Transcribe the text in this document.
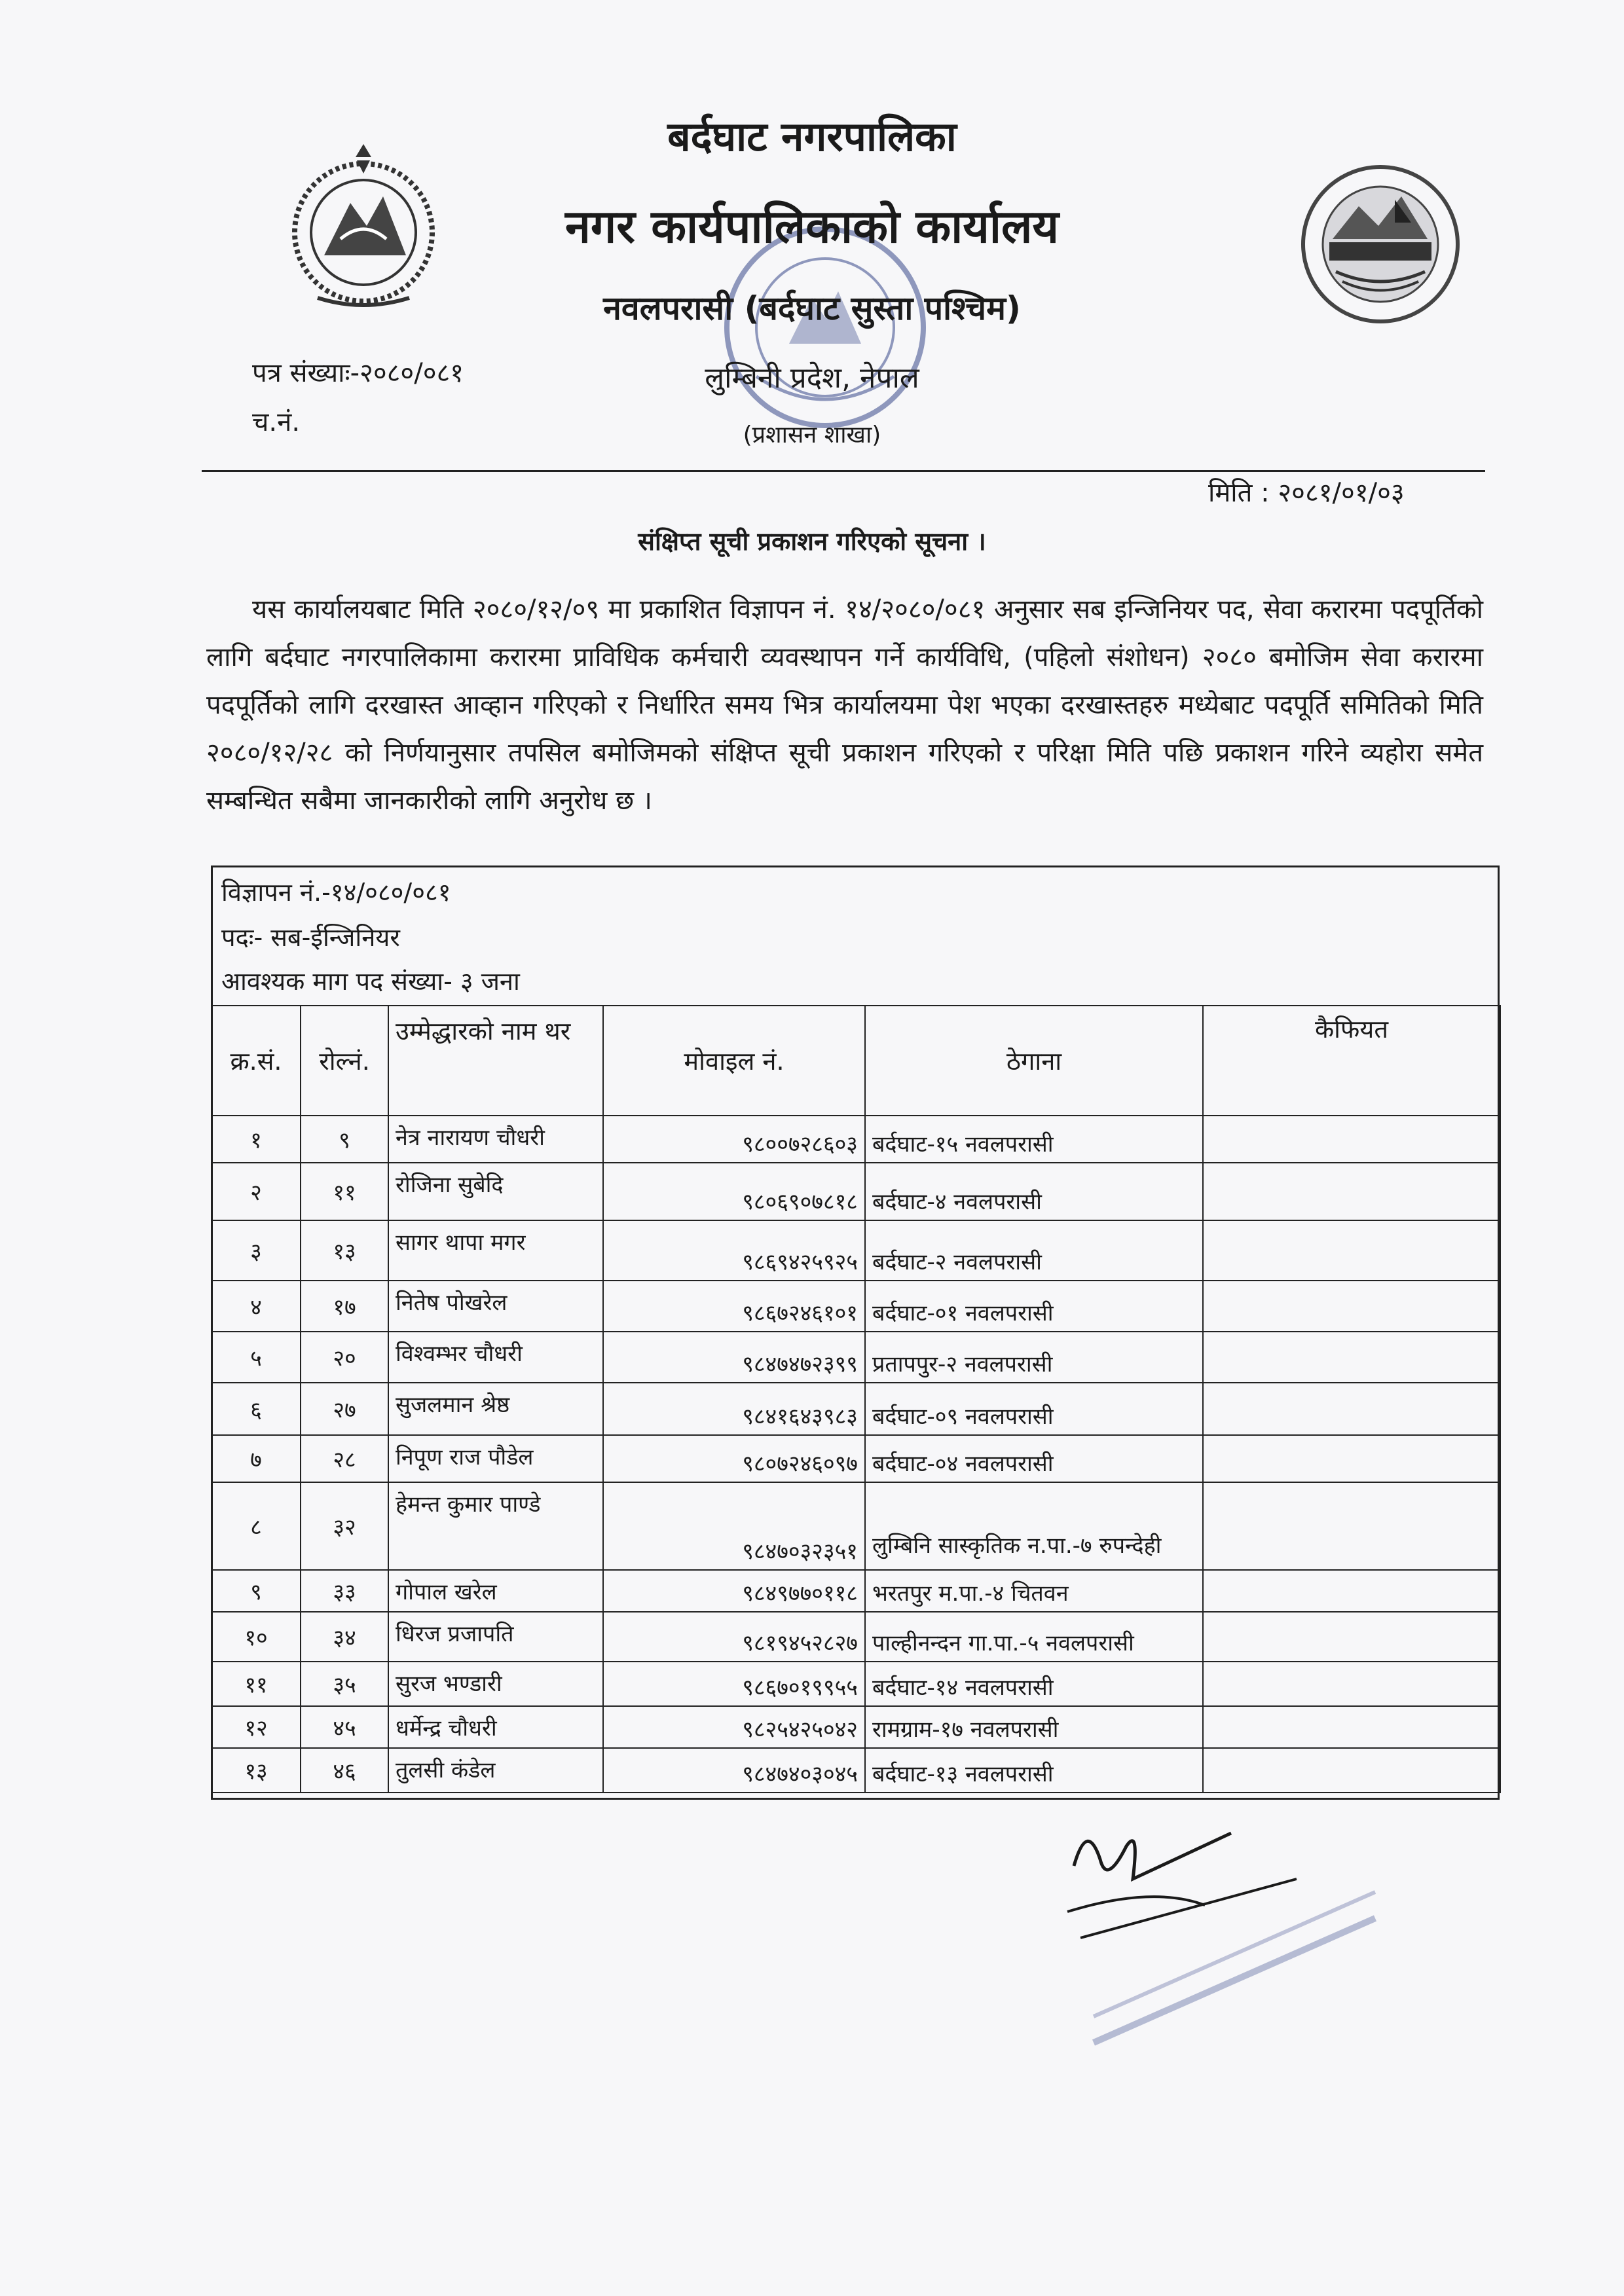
बर्दघाट नगरपालिका
नगर कार्यपालिकाको कार्यालय
नवलपरासी (बर्दघाट सुस्ता पश्चिम)
लुम्बिनी प्रदेश, नेपाल
(प्रशासन शाखा)
पत्र संख्याः-२०८०/०८१
च.नं.
मिति : २०८१/०१/०३
संक्षिप्त सूची प्रकाशन गरिएको सूचना ।
यस कार्यालयबाट मिति २०८०/१२/०९ मा प्रकाशित विज्ञापन नं. १४/२०८०/०८१ अनुसार सब इन्जिनियर पद, सेवा करारमा पदपूर्तिको लागि बर्दघाट नगरपालिकामा करारमा प्राविधिक कर्मचारी व्यवस्थापन गर्ने कार्यविधि, (पहिलो संशोधन) २०८० बमोजिम सेवा करारमा पदपूर्तिको लागि दरखास्त आव्हान गरिएको र निर्धारित समय भित्र कार्यालयमा पेश भएका दरखास्तहरु मध्येबाट पदपूर्ति समितिको मिति २०८०/१२/२८ को निर्णयानुसार तपसिल बमोजिमको संक्षिप्त सूची प्रकाशन गरिएको र परिक्षा मिति पछि प्रकाशन गरिने व्यहोरा समेत सम्बन्धित सबैमा जानकारीको लागि अनुरोध छ ।
विज्ञापन नं.-१४/०८०/०८१
पदः- सब-ईन्जिनियर
आवश्यक माग पद संख्या- ३ जना
क्र.सं.	रोल्नं.	उम्मेद्धारको नाम थर	मोवाइल नं.	ठेगाना	कैफियत
१	९	नेत्र नारायण चौधरी	९८००७२८६०३	बर्दघाट-१५ नवलपरासी	
२	११	रोजिना सुबेदि	९८०६९०७८१८	बर्दघाट-४ नवलपरासी	
३	१३	सागर थापा मगर	९८६९४२५९२५	बर्दघाट-२ नवलपरासी	
४	१७	नितेष पोखरेल	९८६७२४६१०१	बर्दघाट-०१ नवलपरासी	
५	२०	विश्वम्भर चौधरी	९८४७४७२३९९	प्रतापपुर-२ नवलपरासी	
६	२७	सुजलमान श्रेष्ठ	९८४१६४३९८३	बर्दघाट-०९ नवलपरासी	
७	२८	निपूण राज पौडेल	९८०७२४६०९७	बर्दघाट-०४ नवलपरासी	
८	३२	हेमन्त कुमार पाण्डे	९८४७०३२३५१	लुम्बिनि सास्कृतिक न.पा.-७ रुपन्देही	
९	३३	गोपाल खरेल	९८४९७७०११८	भरतपुर म.पा.-४ चितवन	
१०	३४	धिरज प्रजापति	९८१९४५२८२७	पाल्हीनन्दन गा.पा.-५ नवलपरासी	
११	३५	सुरज भण्डारी	९८६७०१९९५५	बर्दघाट-१४ नवलपरासी	
१२	४५	धर्मेन्द्र चौधरी	९८२५४२५०४२	रामग्राम-१७ नवलपरासी	
१३	४६	तुलसी कंडेल	९८४७४०३०४५	बर्दघाट-१३ नवलपरासी	
